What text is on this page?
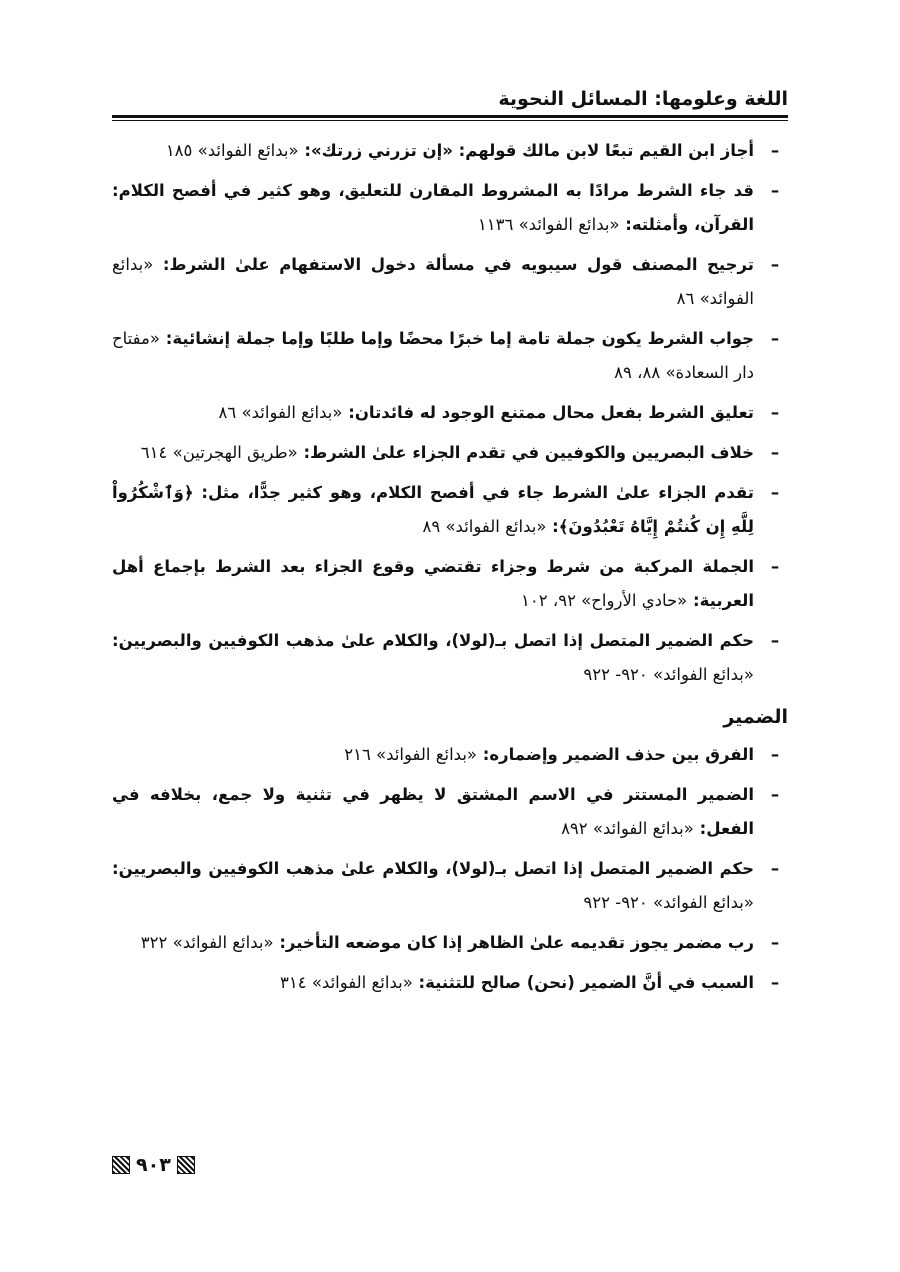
اللغة وعلومها: المسائل النحوية
–
أجاز ابن القيم تبعًا لابن مالك قولهم: «إن تزرني زرتك»: «بدائع الفوائد» ١٨٥
–
قد جاء الشرط مرادًا به المشروط المقارن للتعليق، وهو كثير في أفصح الكلام: القرآن، وأمثلته: «بدائع الفوائد» ١١٣٦
–
ترجيح المصنف قول سيبويه في مسألة دخول الاستفهام علىٰ الشرط: «بدائع الفوائد» ٨٦
–
جواب الشرط يكون جملة تامة إما خبرًا محضًا وإما طلبًا وإما جملة إنشائية: «مفتاح دار السعادة» ٨٨، ٨٩
–
تعليق الشرط بفعل محال ممتنع الوجود له فائدتان: «بدائع الفوائد» ٨٦
–
خلاف البصريين والكوفيين في تقدم الجزاء علىٰ الشرط: «طريق الهجرتين» ٦١٤
–
تقدم الجزاء علىٰ الشرط جاء في أفصح الكلام، وهو كثير جدًّا، مثل: ﴿وَٱشْكُرُواْ لِلَّهِ إِن كُنتُمْ إِيَّاهُ تَعْبُدُونَ﴾: «بدائع الفوائد» ٨٩
–
الجملة المركبة من شرط وجزاء تقتضي وقوع الجزاء بعد الشرط بإجماع أهل العربية: «حادي الأرواح» ٩٢، ١٠٢
–
حكم الضمير المتصل إذا اتصل بـ(لولا)، والكلام علىٰ مذهب الكوفيين والبصريين: «بدائع الفوائد» ٩٢٠- ٩٢٢
الضمير
–
الفرق بين حذف الضمير وإضماره: «بدائع الفوائد» ٢١٦
–
الضمير المستتر في الاسم المشتق لا يظهر في تثنية ولا جمع، بخلافه في الفعل: «بدائع الفوائد» ٨٩٢
–
حكم الضمير المتصل إذا اتصل بـ(لولا)، والكلام علىٰ مذهب الكوفيين والبصريين: «بدائع الفوائد» ٩٢٠- ٩٢٢
–
رب مضمر يجوز تقديمه علىٰ الظاهر إذا كان موضعه التأخير: «بدائع الفوائد» ٣٢٢
–
السبب في أنَّ الضمير (نحن) صالح للتثنية: «بدائع الفوائد» ٣١٤
٩٠٣
